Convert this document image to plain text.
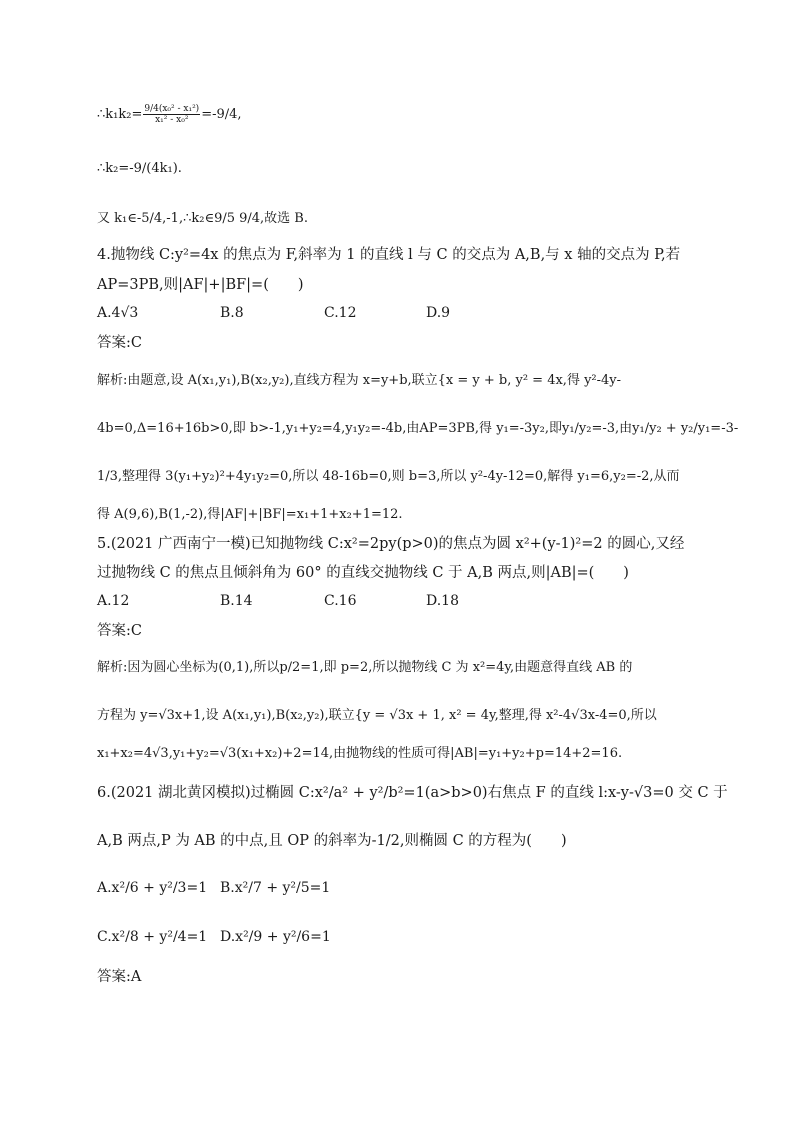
∴k₁k₂= $\frac{\text{9/4(x₀² - x₁²)}}{\text{x₁² - x₀²}} =-9/4$,
∴k₂=-9/(4k₁).
又 k₁∈-5/4,-1,∴k₂∈9/5 9/4,故选 B.
4.抛物线 C:y²=4x 的焦点为 F,斜率为 1 的直线 l 与 C 的交点为 A,B,与 x 轴的交点为 P,若
AP=3PB,则|AF|+|BF|=(　　)
A.4√3	B.8	C.12	D.9
答案:C
解析:由题意,设 A(x₁,y₁),B(x₂,y₂),直线方程为 x=y+b,联立{x = y + b, y² = 4x,得 y²-4y-
4b=0,Δ=16+16b>0,即 b>-1,y₁+y₂=4,y₁y₂=-4b,由AP=3PB,得 y₁=-3y₂,即y₁/y₂=-3,由y₁/y₂ + y₂/y₁=-3-
1/3,整理得 3(y₁+y₂)²+4y₁y₂=0,所以 48-16b=0,则 b=3,所以 y²-4y-12=0,解得 y₁=6,y₂=-2,从而
得 A(9,6),B(1,-2),得|AF|+|BF|=x₁+1+x₂+1=12.
5.(2021 广西南宁一模)已知抛物线 C:x²=2py(p>0)的焦点为圆 x²+(y-1)²=2 的圆心,又经
过抛物线 C 的焦点且倾斜角为 60° 的直线交抛物线 C 于 A,B 两点,则|AB|=(　　)
A.12	B.14	C.16	D.18
答案:C
解析:因为圆心坐标为(0,1),所以p/2=1,即 p=2,所以抛物线 C 为 x²=4y,由题意得直线 AB 的
方程为 y=√3x+1,设 A(x₁,y₁),B(x₂,y₂),联立{y = √3x + 1, x² = 4y,整理,得 x²-4√3x-4=0,所以
x₁+x₂=4√3,y₁+y₂=√3(x₁+x₂)+2=14,由抛物线的性质可得|AB|=y₁+y₂+p=14+2=16.
6.(2021 湖北黄冈模拟)过椭圆 C:x²/a² + y²/b²=1(a>b>0)右焦点 F 的直线 l:x-y-√3=0 交 C 于
A,B 两点,P 为 AB 的中点,且 OP 的斜率为-1/2,则椭圆 C 的方程为(　　)
A.x²/6 + y²/3=1 B.x²/7 + y²/5=1
C.x²/8 + y²/4=1 D.x²/9 + y²/6=1
答案:A
